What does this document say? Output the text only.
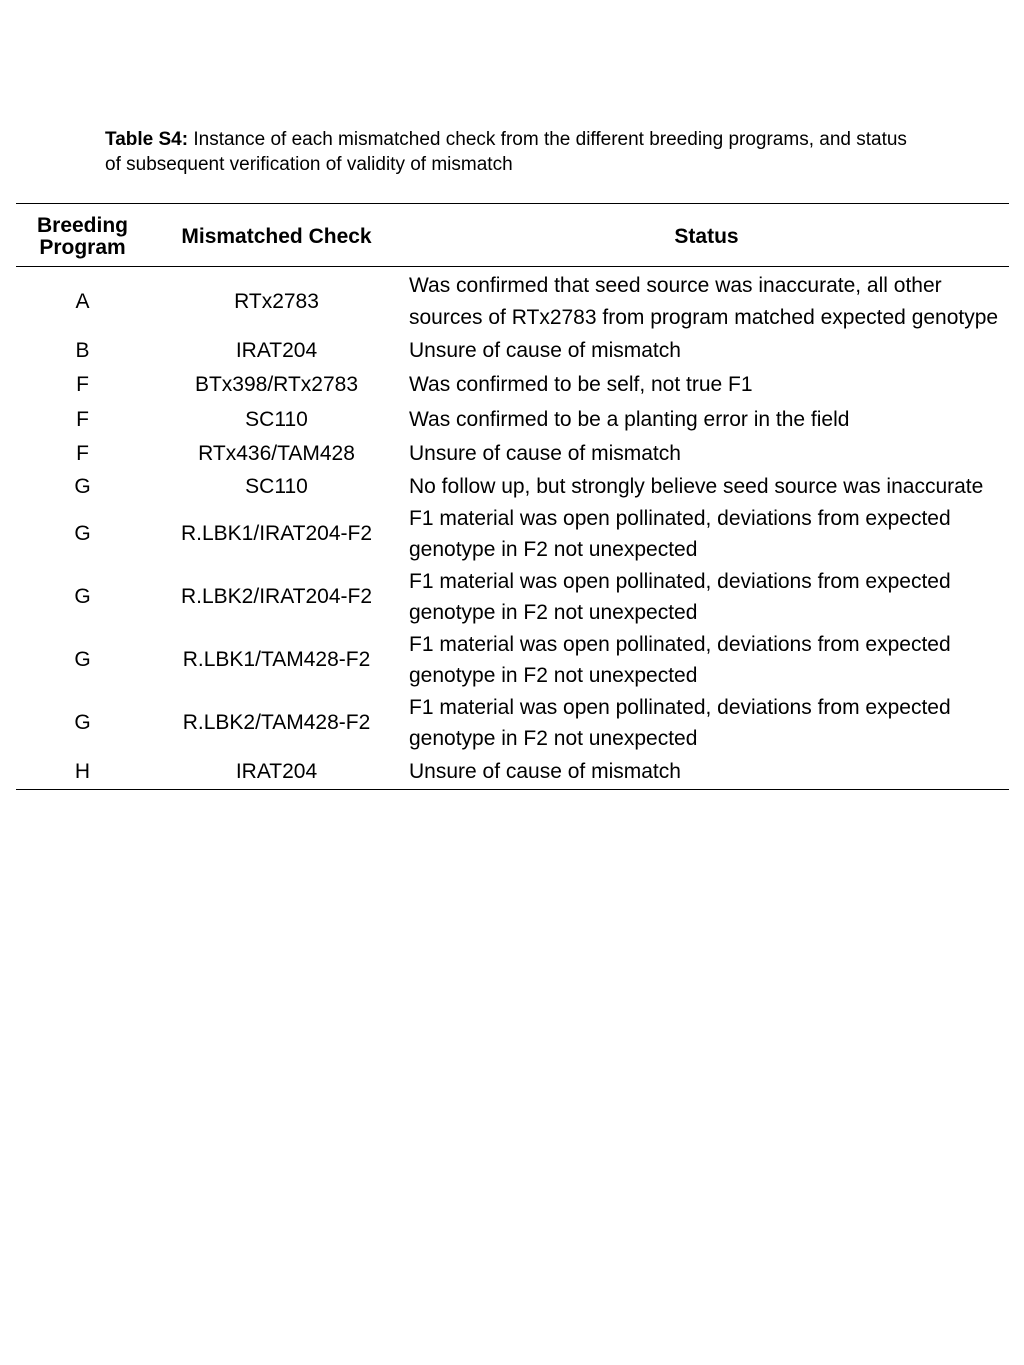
Table S4: Instance of each mismatched check from the different breeding programs, and status of subsequent verification of validity of mismatch
Breeding Program	Mismatched Check	Status
A	RTx2783	Was confirmed that seed source was inaccurate, all other sources of RTx2783 from program matched expected genotype
B	IRAT204	Unsure of cause of mismatch
F	BTx398/RTx2783	Was confirmed to be self, not true F1
F	SC110	Was confirmed to be a planting error in the field
F	RTx436/TAM428	Unsure of cause of mismatch
G	SC110	No follow up, but strongly believe seed source was inaccurate
G	R.LBK1/IRAT204-F2	F1 material was open pollinated, deviations from expected genotype in F2 not unexpected
G	R.LBK2/IRAT204-F2	F1 material was open pollinated, deviations from expected genotype in F2 not unexpected
G	R.LBK1/TAM428-F2	F1 material was open pollinated, deviations from expected genotype in F2 not unexpected
G	R.LBK2/TAM428-F2	F1 material was open pollinated, deviations from expected genotype in F2 not unexpected
H	IRAT204	Unsure of cause of mismatch
